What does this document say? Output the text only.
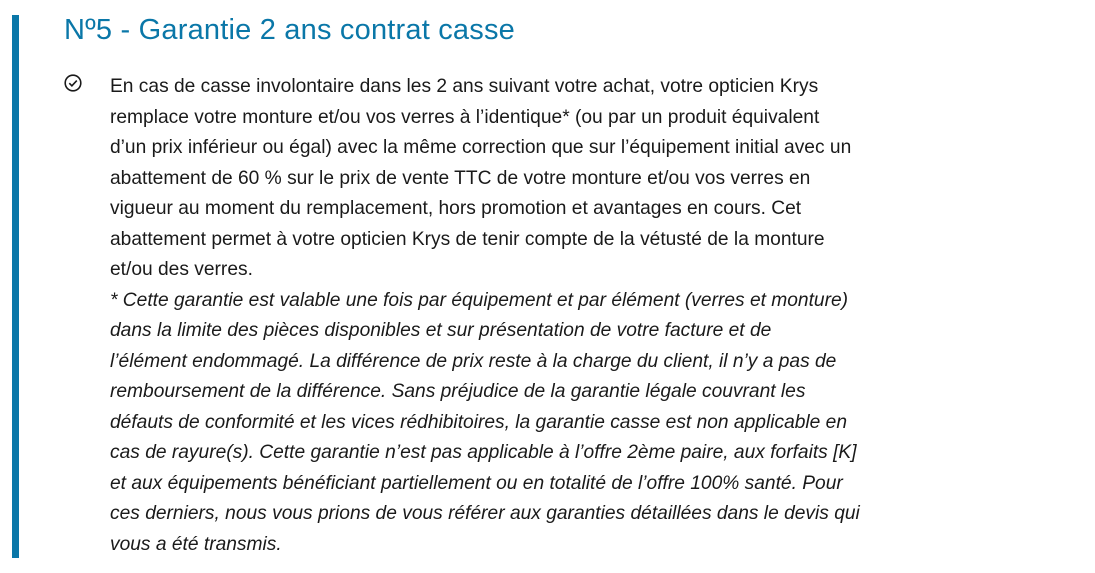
Nº5 - Garantie 2 ans contrat casse
En cas de casse involontaire dans les 2 ans suivant votre achat, votre opticien Krys
remplace votre monture et/ou vos verres à l’identique* (ou par un produit équivalent
d’un prix inférieur ou égal) avec la même correction que sur l’équipement initial avec un
abattement de 60 % sur le prix de vente TTC de votre monture et/ou vos verres en
vigueur au moment du remplacement, hors promotion et avantages en cours. Cet
abattement permet à votre opticien Krys de tenir compte de la vétusté de la monture
et/ou des verres.
* Cette garantie est valable une fois par équipement et par élément (verres et monture)
dans la limite des pièces disponibles et sur présentation de votre facture et de
l’élément endommagé. La différence de prix reste à la charge du client, il n’y a pas de
remboursement de la différence. Sans préjudice de la garantie légale couvrant les
défauts de conformité et les vices rédhibitoires, la garantie casse est non applicable en
cas de rayure(s). Cette garantie n’est pas applicable à l’offre 2ème paire, aux forfaits [K]
et aux équipements bénéficiant partiellement ou en totalité de l’offre 100% santé. Pour
ces derniers, nous vous prions de vous référer aux garanties détaillées dans le devis qui
vous a été transmis.
